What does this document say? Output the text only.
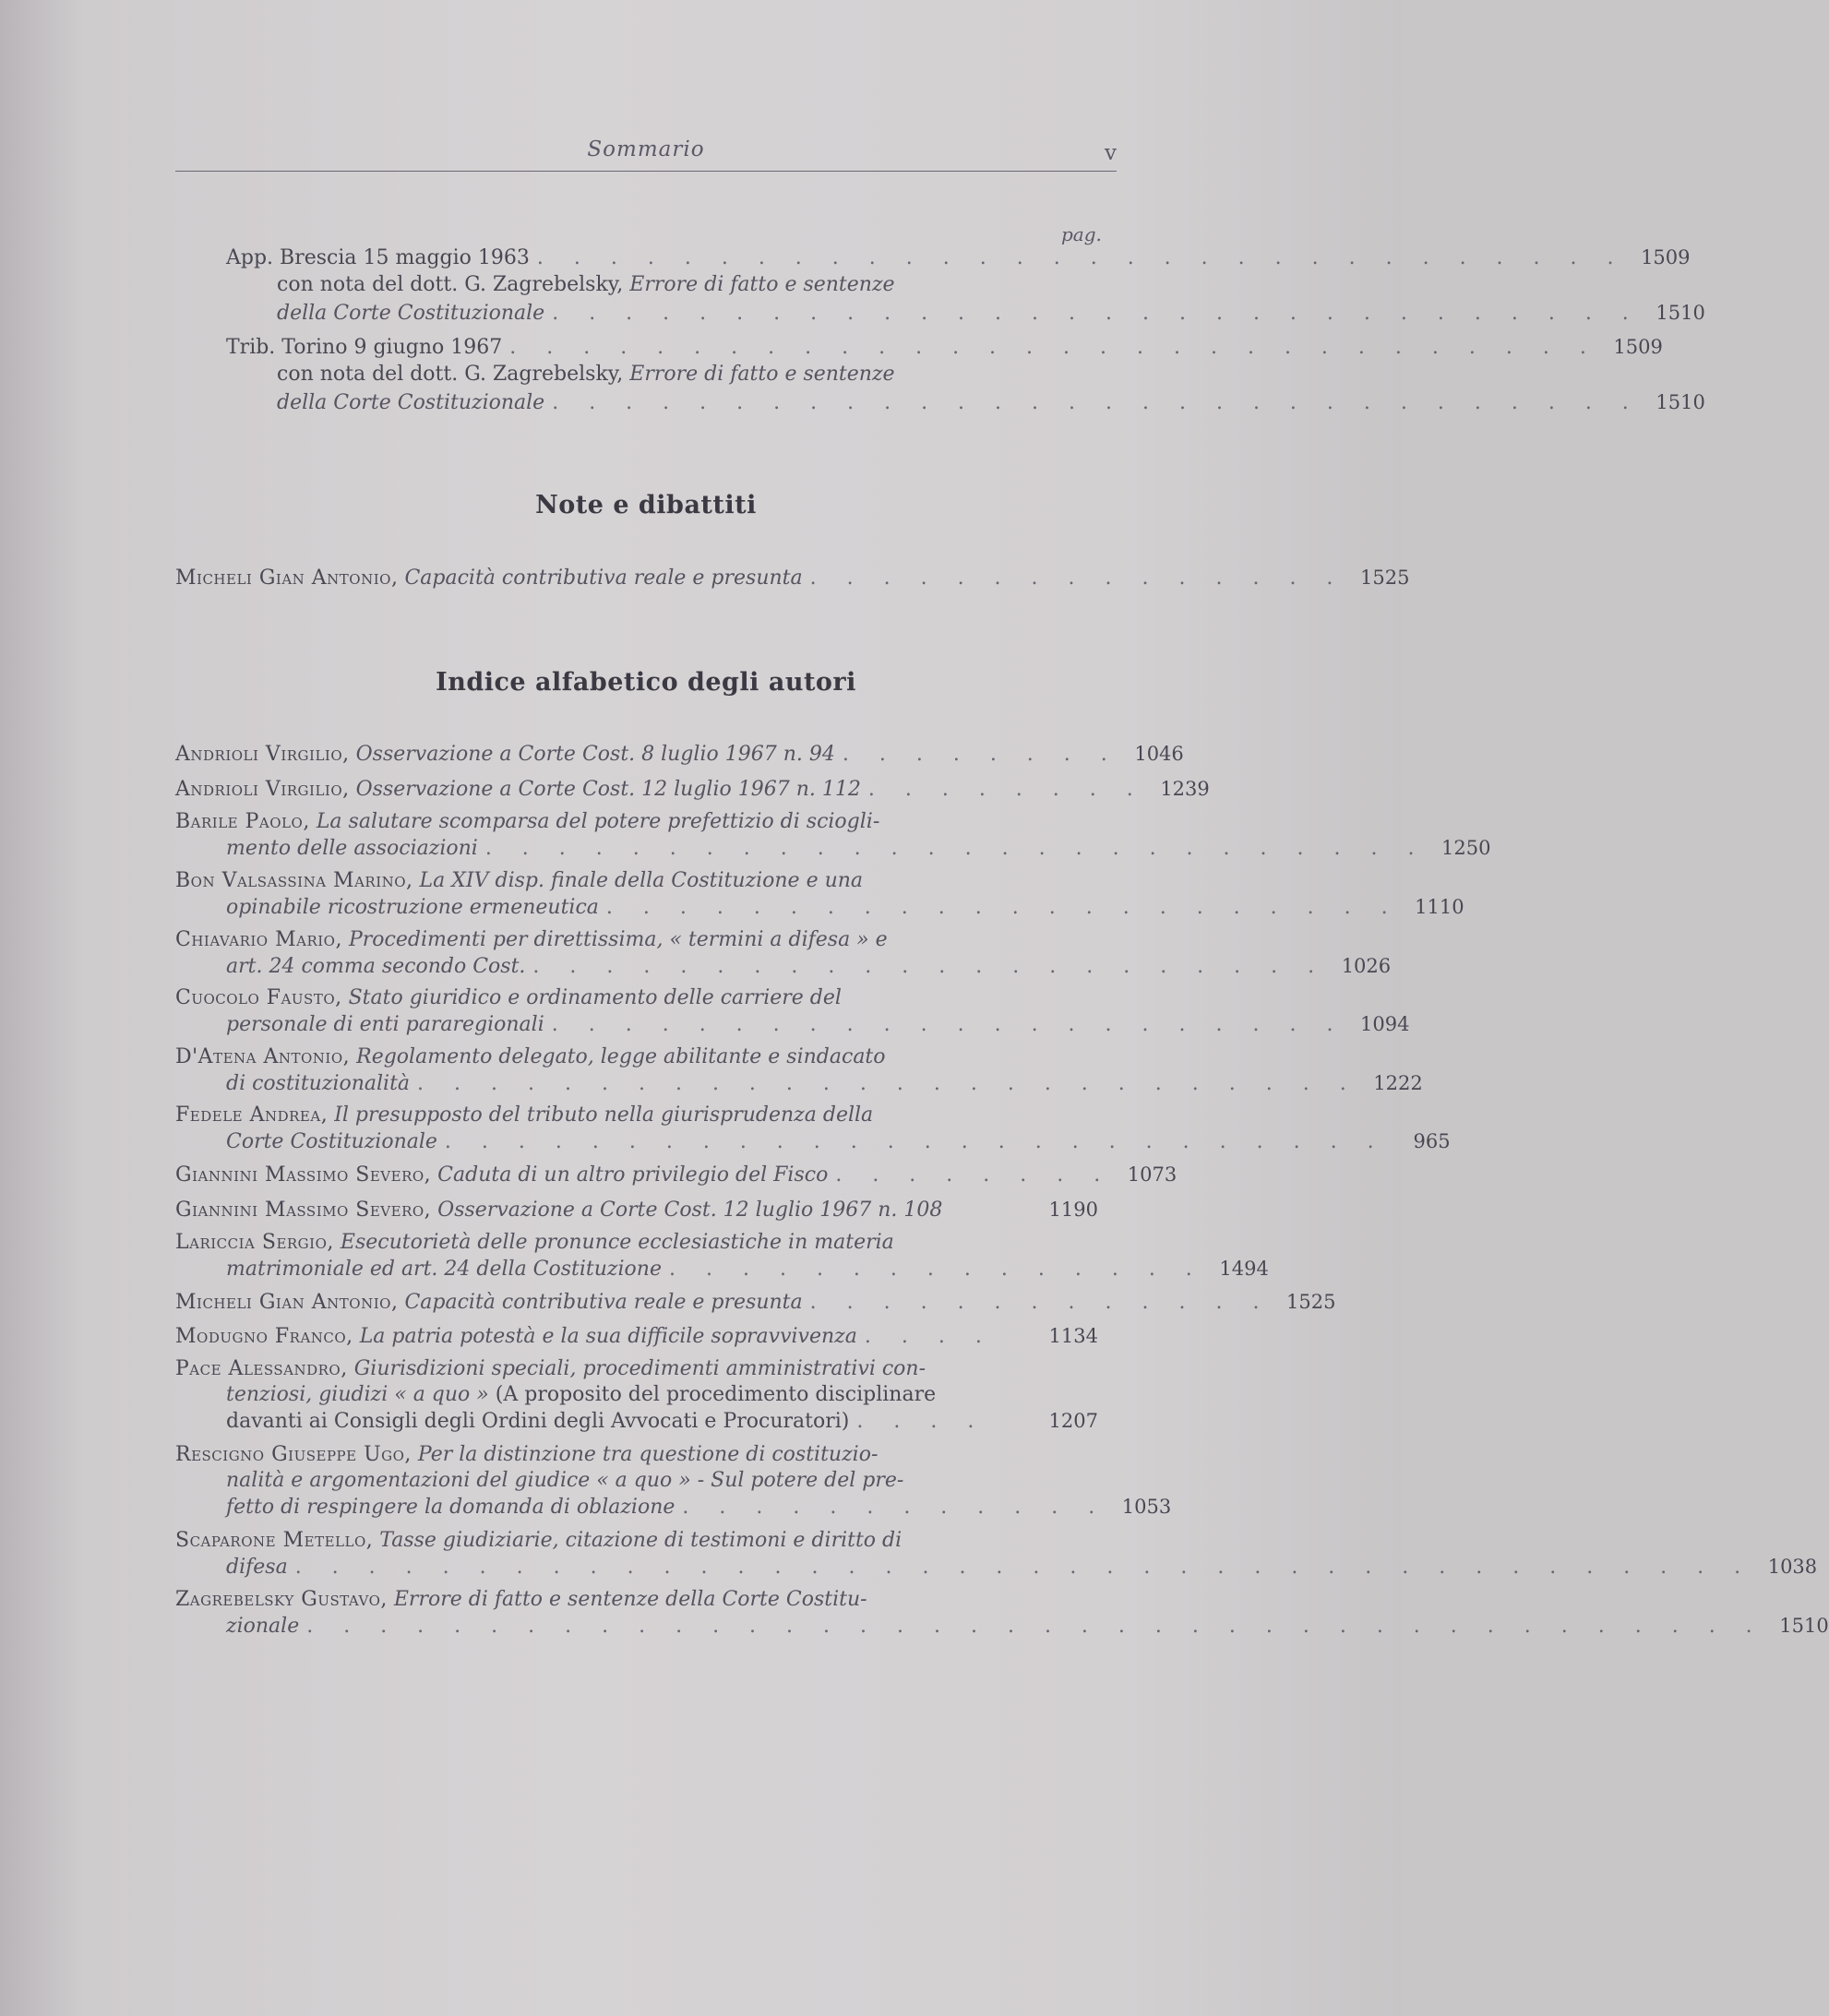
Sommario	v
pag.
App. Brescia 15 maggio 1963 . . . . . . . . . . . . . . . . . . . . . . . . . . . . . . 1509
con nota del dott. G. Zagrebelsky, Errore di fatto e sentenze
della Corte Costituzionale . . . . . . . . . . . . . . . . . . . . . . . . . . . . . . 1510
Trib. Torino 9 giugno 1967 . . . . . . . . . . . . . . . . . . . . . . . . . . . . . . 1509
con nota del dott. G. Zagrebelsky, Errore di fatto e sentenze
della Corte Costituzionale . . . . . . . . . . . . . . . . . . . . . . . . . . . . . . 1510
Note e dibattiti
Micheli Gian Antonio, Capacità contributiva reale e presunta . . . . . . . . . . . . . . . 1525
Indice alfabetico degli autori
Andrioli Virgilio, Osservazione a Corte Cost. 8 luglio 1967 n. 94 . . . . . . . . 1046
Andrioli Virgilio, Osservazione a Corte Cost. 12 luglio 1967 n. 112 . . . . . . . . 1239
Barile Paolo, La salutare scomparsa del potere prefettizio di sciogli-
mento delle associazioni . . . . . . . . . . . . . . . . . . . . . . . . . . 1250
Bon Valsassina Marino, La XIV disp. finale della Costituzione e una
opinabile ricostruzione ermeneutica . . . . . . . . . . . . . . . . . . . . . . 1110
Chiavario Mario, Procedimenti per direttissima, « termini a difesa » e
art. 24 comma secondo Cost. . . . . . . . . . . . . . . . . . . . . . . 1026
Cuocolo Fausto, Stato giuridico e ordinamento delle carriere del
personale di enti pararegionali . . . . . . . . . . . . . . . . . . . . . . 1094
D'Atena Antonio, Regolamento delegato, legge abilitante e sindacato
di costituzionalità . . . . . . . . . . . . . . . . . . . . . . . . . . 1222
Fedele Andrea, Il presupposto del tributo nella giurisprudenza della
Corte Costituzionale . . . . . . . . . . . . . . . . . . . . . . . . . .	965
Giannini Massimo Severo, Caduta di un altro privilegio del Fisco . . . . . . . . 1073
Giannini Massimo Severo, Osservazione a Corte Cost. 12 luglio 1967 n. 108	1190
Lariccia Sergio, Esecutorietà delle pronunce ecclesiastiche in materia
matrimoniale ed art. 24 della Costituzione . . . . . . . . . . . . . . . 1494
Micheli Gian Antonio, Capacità contributiva reale e presunta . . . . . . . . . . . . . 1525
Modugno Franco, La patria potestà e la sua difficile sopravvivenza . . . .	1134
Pace Alessandro, Giurisdizioni speciali, procedimenti amministrativi con-
tenziosi, giudizi « a quo » (A proposito del procedimento disciplinare
davanti ai Consigli degli Ordini degli Avvocati e Procuratori) . . . .	1207
Rescigno Giuseppe Ugo, Per la distinzione tra questione di costituzio-
nalità e argomentazioni del giudice « a quo » - Sul potere del pre-
fetto di respingere la domanda di oblazione . . . . . . . . . . . . 1053
Scaparone Metello, Tasse giudiziarie, citazione di testimoni e diritto di
difesa . . . . . . . . . . . . . . . . . . . . . . . . . . . . . . . . . . . . . . . . 1038
Zagrebelsky Gustavo, Errore di fatto e sentenze della Corte Costitu-
zionale . . . . . . . . . . . . . . . . . . . . . . . . . . . . . . . . . . . . . . . . 1510
